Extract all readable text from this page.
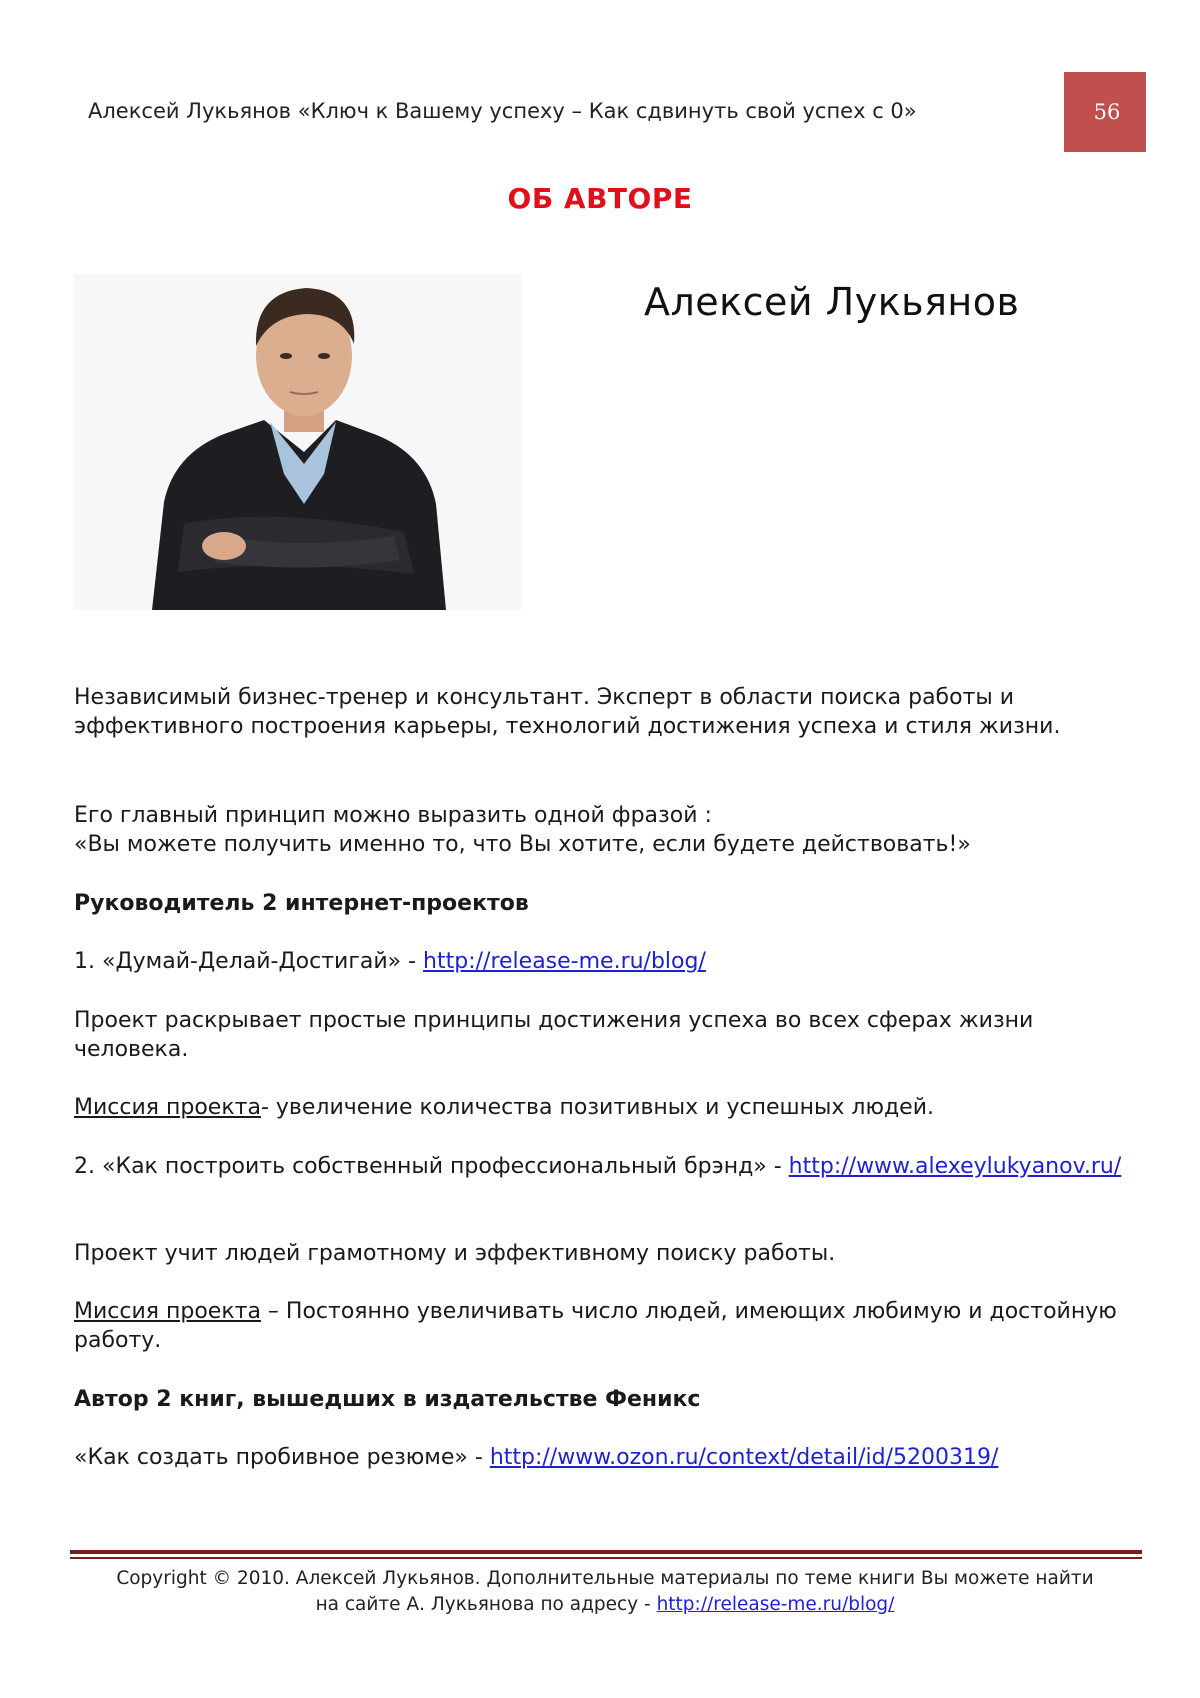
Алексей Лукьянов «Ключ к Вашему успеху – Как сдвинуть свой успех с 0»	56
ОБ АВТОРЕ
Алексей Лукьянов

Независимый бизнес-тренер и консультант. Эксперт в области поиска работы и эффективного построения карьеры, технологий достижения успеха и стиля жизни.

Его главный принцип можно выразить одной фразой :

«Вы можете получить именно то, что Вы хотите, если будете действовать!»

Руководитель 2 интернет-проектов
1. «Думай-Делай-Достигай» - http://release-me.ru/blog/
Проект раскрывает простые принципы достижения успеха во всех сферах жизни человека.
Миссия проекта- увеличение количества позитивных и успешных людей.
2. «Как построить собственный профессиональный брэнд» - http://www.alexeylukyanov.ru/
Проект учит людей грамотному и эффективному поиску работы.
Миссия проекта – Постоянно увеличивать число людей, имеющих любимую и достойную работу.
Автор 2 книг, вышедших в издательстве Феникс
«Как создать пробивное резюме» - http://www.ozon.ru/context/detail/id/5200319/
Copyright © 2010. Алексей Лукьянов. Дополнительные материалы по теме книги Вы можете найти
на сайте А. Лукьянова по адресу - http://release-me.ru/blog/
